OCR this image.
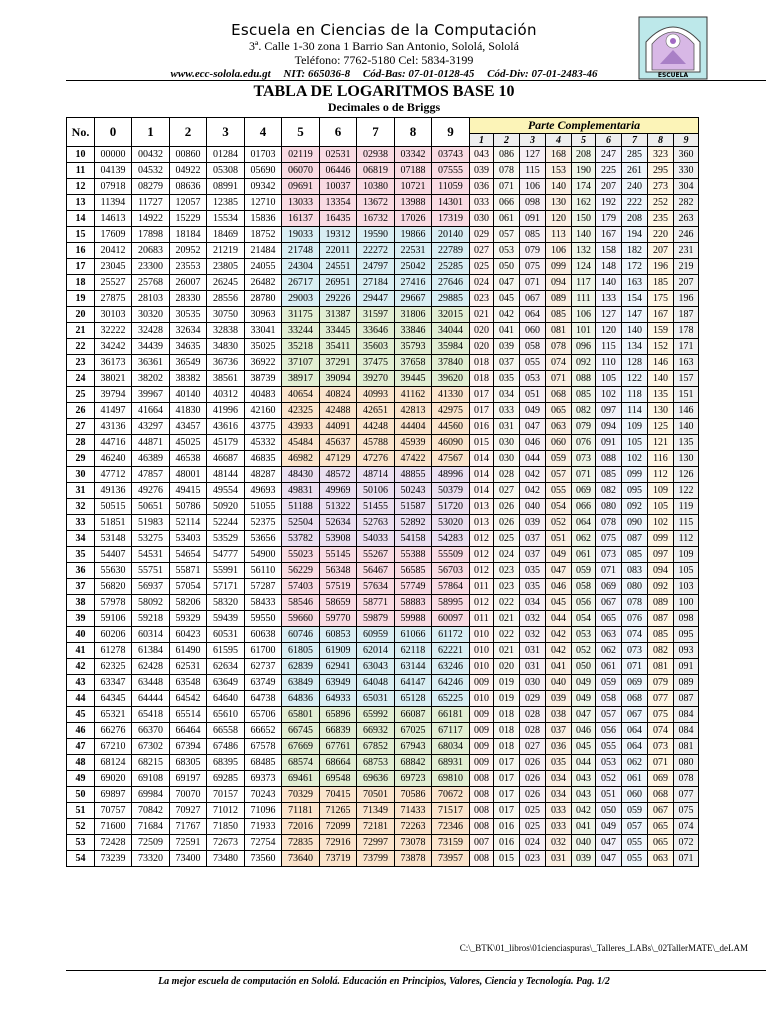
Escuela en Ciencias de la Computación
3ª. Calle 1-30 zona 1 Barrio San Antonio, Sololá, Sololá
Teléfono: 7762-5180 Cel: 5834-3199
www.ecc-solola.edu.gt NIT: 665036-8 Cód-Bas: 07-01-0128-45 Cód-Div: 07-01-2483-46	ESCUELA
TABLA DE LOGARITMOS BASE 10
Decimales o de Briggs
No.	0	1	2	3	4	5	6	7	8	9	Parte Complementaria								
											1	2	3	4	5	6	7	8	9
10	00000	00432	00860	01284	01703	02119	02531	02938	03342	03743	043	086	127	168	208	247	285	323	360
11	04139	04532	04922	05308	05690	06070	06446	06819	07188	07555	039	078	115	153	190	225	261	295	330
12	07918	08279	08636	08991	09342	09691	10037	10380	10721	11059	036	071	106	140	174	207	240	273	304
13	11394	11727	12057	12385	12710	13033	13354	13672	13988	14301	033	066	098	130	162	192	222	252	282
14	14613	14922	15229	15534	15836	16137	16435	16732	17026	17319	030	061	091	120	150	179	208	235	263
15	17609	17898	18184	18469	18752	19033	19312	19590	19866	20140	029	057	085	113	140	167	194	220	246
16	20412	20683	20952	21219	21484	21748	22011	22272	22531	22789	027	053	079	106	132	158	182	207	231
17	23045	23300	23553	23805	24055	24304	24551	24797	25042	25285	025	050	075	099	124	148	172	196	219
18	25527	25768	26007	26245	26482	26717	26951	27184	27416	27646	024	047	071	094	117	140	163	185	207
19	27875	28103	28330	28556	28780	29003	29226	29447	29667	29885	023	045	067	089	111	133	154	175	196
20	30103	30320	30535	30750	30963	31175	31387	31597	31806	32015	021	042	064	085	106	127	147	167	187
21	32222	32428	32634	32838	33041	33244	33445	33646	33846	34044	020	041	060	081	101	120	140	159	178
22	34242	34439	34635	34830	35025	35218	35411	35603	35793	35984	020	039	058	078	096	115	134	152	171
23	36173	36361	36549	36736	36922	37107	37291	37475	37658	37840	018	037	055	074	092	110	128	146	163
24	38021	38202	38382	38561	38739	38917	39094	39270	39445	39620	018	035	053	071	088	105	122	140	157
25	39794	39967	40140	40312	40483	40654	40824	40993	41162	41330	017	034	051	068	085	102	118	135	151
26	41497	41664	41830	41996	42160	42325	42488	42651	42813	42975	017	033	049	065	082	097	114	130	146
27	43136	43297	43457	43616	43775	43933	44091	44248	44404	44560	016	031	047	063	079	094	109	125	140
28	44716	44871	45025	45179	45332	45484	45637	45788	45939	46090	015	030	046	060	076	091	105	121	135
29	46240	46389	46538	46687	46835	46982	47129	47276	47422	47567	014	030	044	059	073	088	102	116	130
30	47712	47857	48001	48144	48287	48430	48572	48714	48855	48996	014	028	042	057	071	085	099	112	126
31	49136	49276	49415	49554	49693	49831	49969	50106	50243	50379	014	027	042	055	069	082	095	109	122
32	50515	50651	50786	50920	51055	51188	51322	51455	51587	51720	013	026	040	054	066	080	092	105	119
33	51851	51983	52114	52244	52375	52504	52634	52763	52892	53020	013	026	039	052	064	078	090	102	115
34	53148	53275	53403	53529	53656	53782	53908	54033	54158	54283	012	025	037	051	062	075	087	099	112
35	54407	54531	54654	54777	54900	55023	55145	55267	55388	55509	012	024	037	049	061	073	085	097	109
36	55630	55751	55871	55991	56110	56229	56348	56467	56585	56703	012	023	035	047	059	071	083	094	105
37	56820	56937	57054	57171	57287	57403	57519	57634	57749	57864	011	023	035	046	058	069	080	092	103
38	57978	58092	58206	58320	58433	58546	58659	58771	58883	58995	012	022	034	045	056	067	078	089	100
39	59106	59218	59329	59439	59550	59660	59770	59879	59988	60097	011	021	032	044	054	065	076	087	098
40	60206	60314	60423	60531	60638	60746	60853	60959	61066	61172	010	022	032	042	053	063	074	085	095
41	61278	61384	61490	61595	61700	61805	61909	62014	62118	62221	010	021	031	042	052	062	073	082	093
42	62325	62428	62531	62634	62737	62839	62941	63043	63144	63246	010	020	031	041	050	061	071	081	091
43	63347	63448	63548	63649	63749	63849	63949	64048	64147	64246	009	019	030	040	049	059	069	079	089
44	64345	64444	64542	64640	64738	64836	64933	65031	65128	65225	010	019	029	039	049	058	068	077	087
45	65321	65418	65514	65610	65706	65801	65896	65992	66087	66181	009	018	028	038	047	057	067	075	084
46	66276	66370	66464	66558	66652	66745	66839	66932	67025	67117	009	018	028	037	046	056	064	074	084
47	67210	67302	67394	67486	67578	67669	67761	67852	67943	68034	009	018	027	036	045	055	064	073	081
48	68124	68215	68305	68395	68485	68574	68664	68753	68842	68931	009	017	026	035	044	053	062	071	080
49	69020	69108	69197	69285	69373	69461	69548	69636	69723	69810	008	017	026	034	043	052	061	069	078
50	69897	69984	70070	70157	70243	70329	70415	70501	70586	70672	008	017	026	034	043	051	060	068	077
51	70757	70842	70927	71012	71096	71181	71265	71349	71433	71517	008	017	025	033	042	050	059	067	075
52	71600	71684	71767	71850	71933	72016	72099	72181	72263	72346	008	016	025	033	041	049	057	065	074
53	72428	72509	72591	72673	72754	72835	72916	72997	73078	73159	007	016	024	032	040	047	055	065	072
54	73239	73320	73400	73480	73560	73640	73719	73799	73878	73957	008	015	023	031	039	047	055	063	071
C:\_BTK\01_libros\01cienciaspuras\_Talleres_LABs\_02TallerMATE\_deLAM
La mejor escuela de computación en Sololá. Educación en Principios, Valores, Ciencia y Tecnología. Pag. 1/2
